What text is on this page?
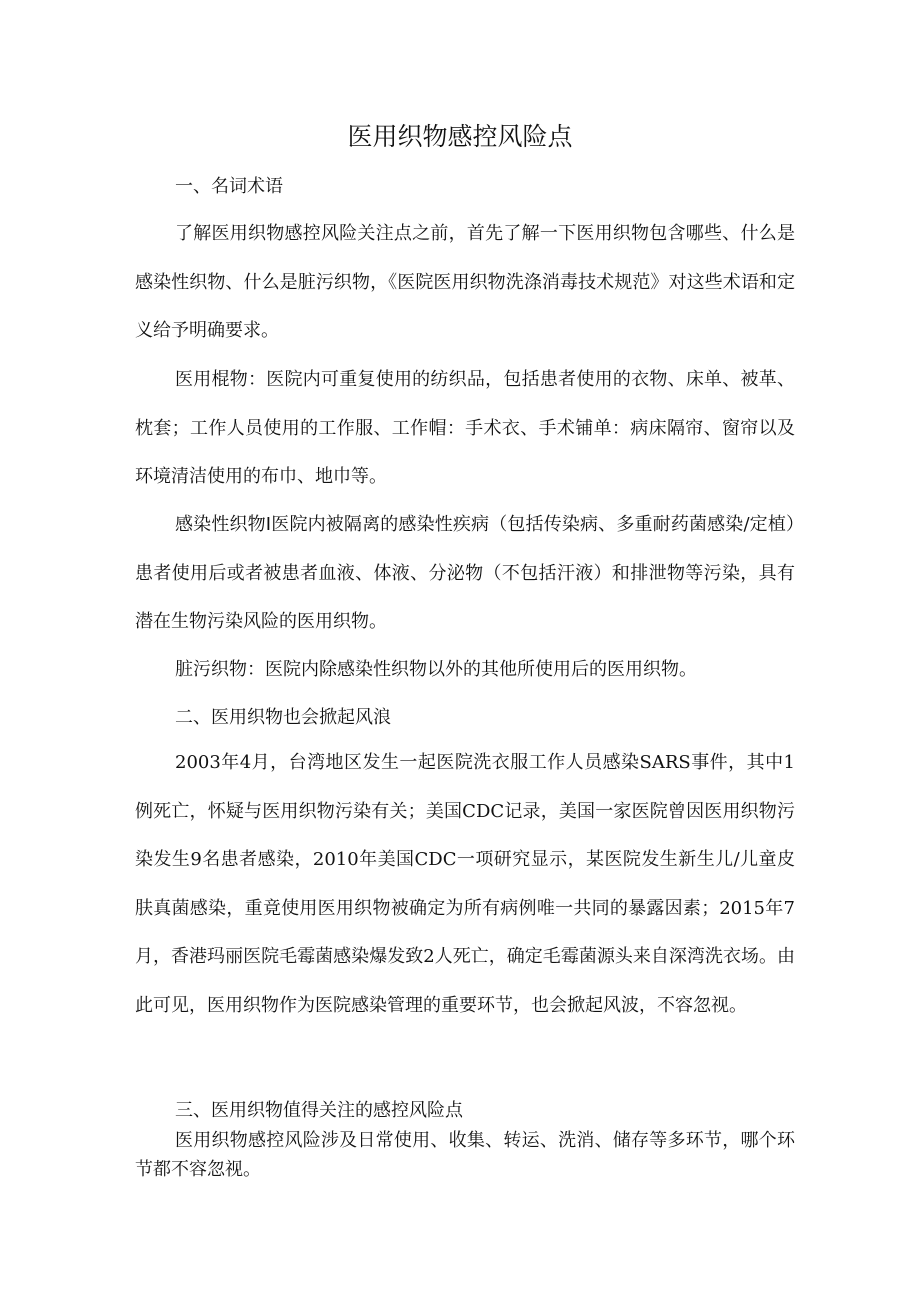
医用织物感控风险点
一、名词术语

了解医用织物感控风险关注点之前，首先了解一下医用织物包含哪些、什么是感染性织物、什么是脏污织物，《医院医用织物洗涤消毒技术规范》对这些术语和定义给予明确要求。

医用棍物：医院内可重复使用的纺织品，包括患者使用的衣物、床单、被革、枕套；工作人员使用的工作服、工作帽：手术衣、手术铺单：病床隔帘、窗帘以及环境清洁使用的布巾、地巾等。

感染性织物I医院内被隔离的感染性疾病（包括传染病、多重耐药菌感染/定植）患者使用后或者被患者血液、体液、分泌物（不包括汗液）和排泄物等污染，具有潜在生物污染风险的医用织物。

脏污织物：医院内除感染性织物以外的其他所使用后的医用织物。

二、医用织物也会掀起风浪

2003年4月，台湾地区发生一起医院洗衣服工作人员感染SARS事件，其中1例死亡，怀疑与医用织物污染有关；美国CDC记录，美国一家医院曾因医用织物污染发生9名患者感染，2010年美国CDC一项研究显示，某医院发生新生儿/儿童皮肤真菌感染，重竟使用医用织物被确定为所有病例唯一共同的暴露因素；2015年7月，香港玛丽医院毛霉菌感染爆发致2人死亡，确定毛霉菌源头来自深湾洗衣场。由此可见，医用织物作为医院感染管理的重要环节，也会掀起风波，不容忽视。

三、医用织物值得关注的感控风险点

医用织物感控风险涉及日常使用、收集、转运、洗消、储存等多环节，哪个环节都不容忽视。
